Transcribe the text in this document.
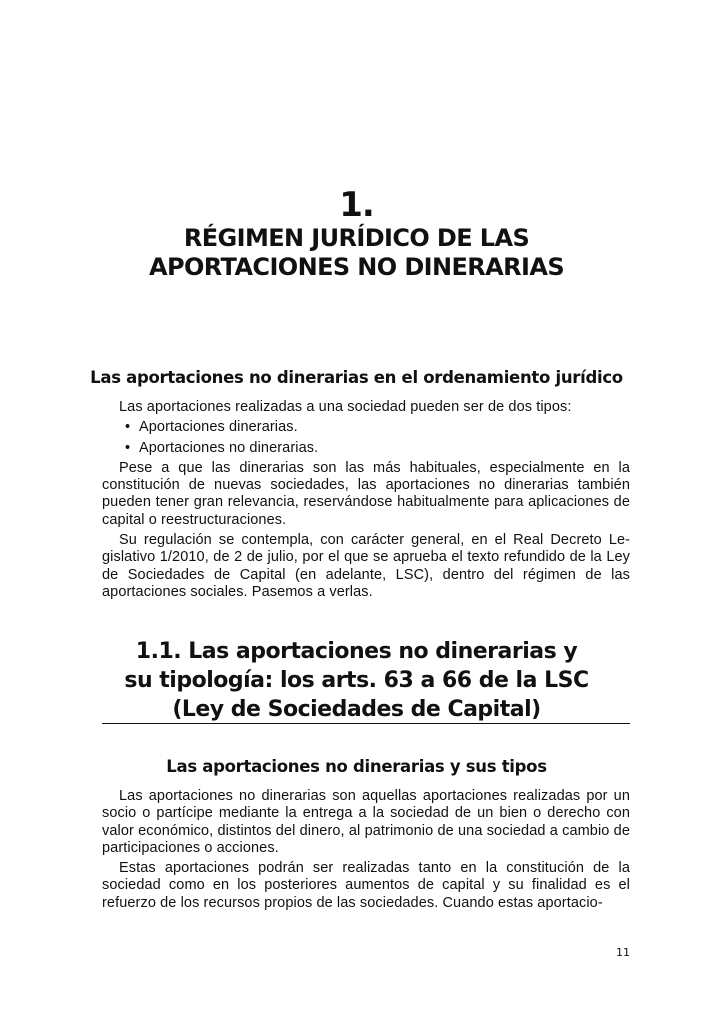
1.
RÉGIMEN JURÍDICO DE LAS
APORTACIONES NO DINERARIAS
Las aportaciones no dinerarias en el ordenamiento jurídico

Las aportaciones realizadas a una sociedad pueden ser de dos tipos:

• Aportaciones dinerarias.
• Aportaciones no dinerarias.

Pese a que las dinerarias son las más habituales, especialmente en la constitución de nuevas sociedades, las aportaciones no dinerarias también pueden tener gran relevancia, reservándose habitualmente para aplicaciones de capital o reestructuraciones.

Su regulación se contempla, con carácter general, en el Real Decreto Legislativo 1/2010, de 2 de julio, por el que se aprueba el texto refundido de la Ley de Sociedades de Capital (en adelante, LSC), dentro del régimen de las aportaciones sociales. Pasemos a verlas.

1.1. Las aportaciones no dinerarias y
su tipología: los arts. 63 a 66 de la LSC
(Ley de Sociedades de Capital)
Las aportaciones no dinerarias y sus tipos

Las aportaciones no dinerarias son aquellas aportaciones realizadas por un socio o partícipe mediante la entrega a la sociedad de un bien o derecho con valor económico, distintos del dinero, al patrimonio de una sociedad a cambio de participaciones o acciones.

Estas aportaciones podrán ser realizadas tanto en la constitución de la sociedad como en los posteriores aumentos de capital y su finalidad es el refuerzo de los recursos propios de las sociedades. Cuando estas aportacio-

11
